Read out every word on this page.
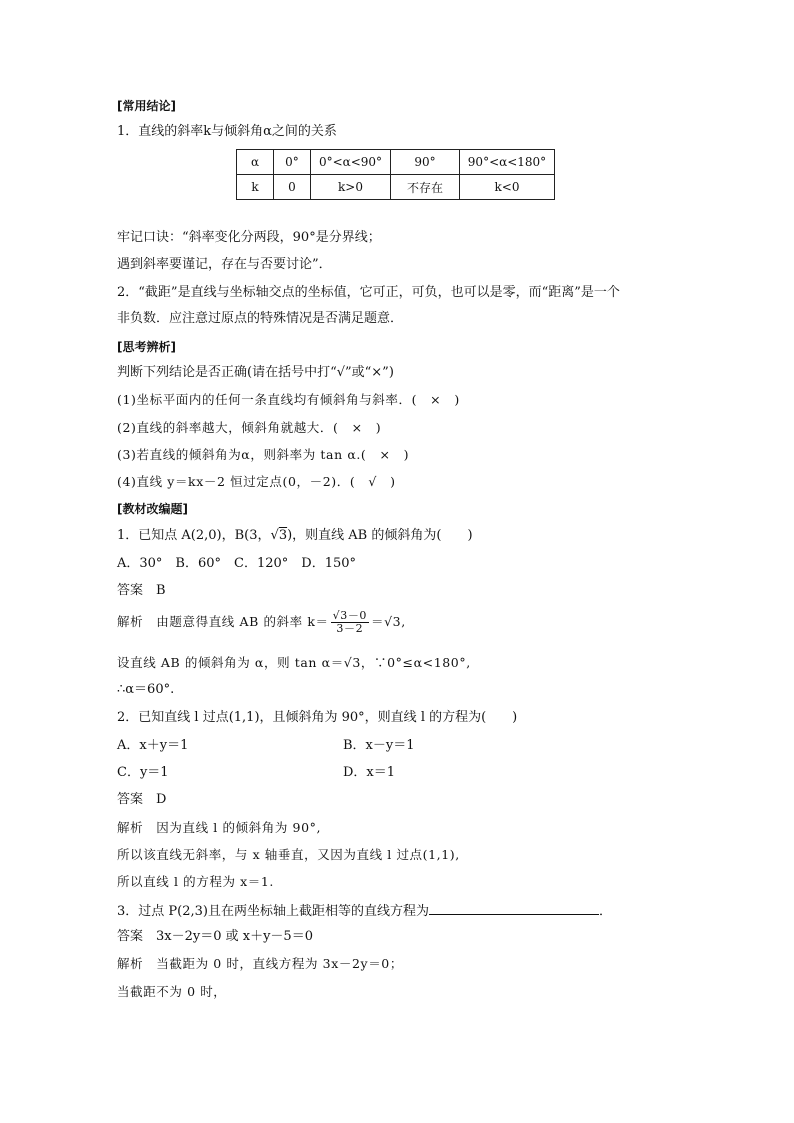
[常用结论]
1．直线的斜率k与倾斜角α之间的关系
α	0°	0°<α<90°	90°	90°<α<180°
k	0	k>0	不存在	k<0
牢记口诀：“斜率变化分两段，90°是分界线；
遇到斜率要谨记，存在与否要讨论”．
2．“截距”是直线与坐标轴交点的坐标值，它可正，可负，也可以是零，而“距离”是一个
非负数．应注意过原点的特殊情况是否满足题意．
[思考辨析]
判断下列结论是否正确(请在括号中打“√”或“×”)
(1)坐标平面内的任何一条直线均有倾斜角与斜率．(　×　)
(2)直线的斜率越大，倾斜角就越大．(　×　)
(3)若直线的倾斜角为α，则斜率为 tan α.(　×　)
(4)直线 y＝kx－2 恒过定点(0，－2)．(　√　)
[教材改编题]
1．已知点 A(2,0)，B(3，√3)，则直线 AB 的倾斜角为(　　)
A．30°　B．60°　C．120°　D．150°
答案　B
解析　由题意得直线 AB 的斜率 $k= \frac{√3-0}{3-2} =√3$,
设直线 AB 的倾斜角为 α，则 tan α＝√3，∵0°≤α<180°,
∴α＝60°.
2．已知直线 l 过点(1,1)，且倾斜角为 90°，则直线 l 的方程为(　　)
A．x＋y＝1	B．x－y＝1
C．y＝1	D．x＝1
答案　D
解析　因为直线 l 的倾斜角为 90°,
所以该直线无斜率，与 x 轴垂直，又因为直线 l 过点(1,1),
所以直线 l 的方程为 x＝1.
3．过点 P(2,3)且在两坐标轴上截距相等的直线方程为	．
答案　3x－2y＝0 或 x＋y－5＝0
解析　当截距为 0 时，直线方程为 3x－2y＝0；
当截距不为 0 时，
